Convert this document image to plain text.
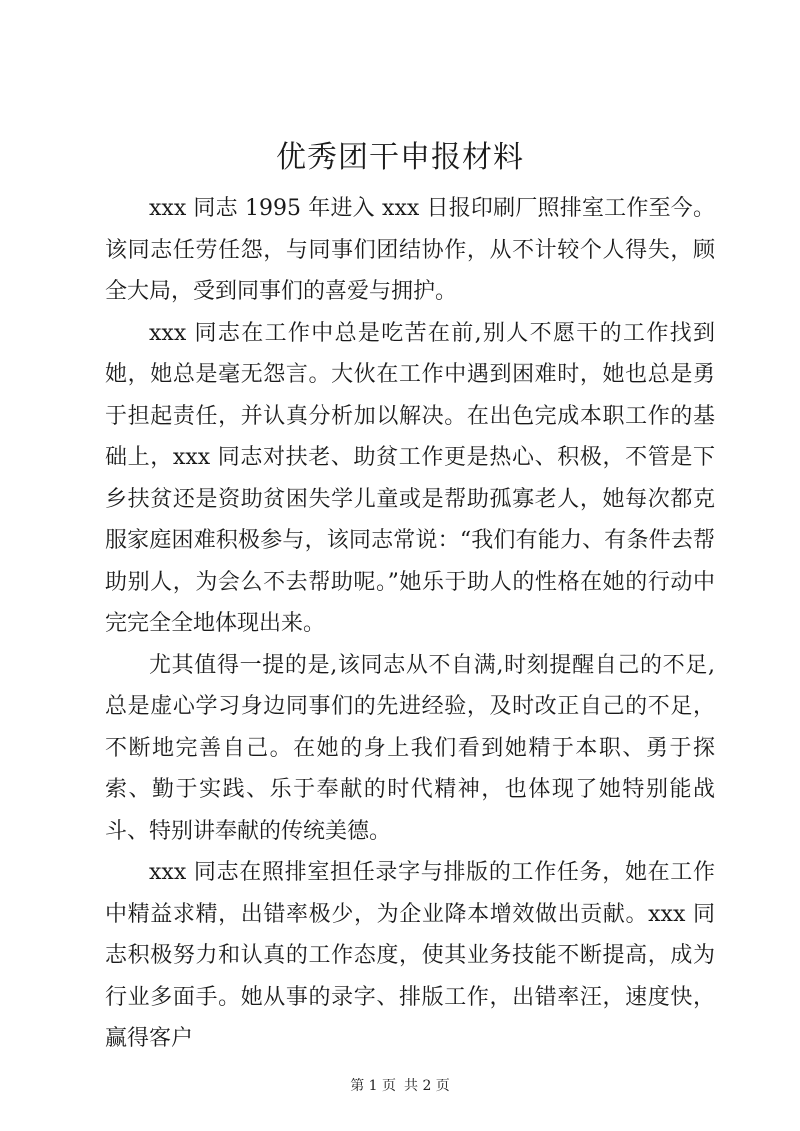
优秀团干申报材料

xxx 同志 1995 年进入 xxx 日报印刷厂照排室工作至今。该同志任劳任怨，与同事们团结协作，从不计较个人得失，顾全大局，受到同事们的喜爱与拥护。

xxx 同志在工作中总是吃苦在前,别人不愿干的工作找到她，她总是毫无怨言。大伙在工作中遇到困难时，她也总是勇于担起责任，并认真分析加以解决。在出色完成本职工作的基础上，xxx 同志对扶老、助贫工作更是热心、积极，不管是下乡扶贫还是资助贫困失学儿童或是帮助孤寡老人，她每次都克服家庭困难积极参与，该同志常说：“我们有能力、有条件去帮助别人，为会么不去帮助呢。”她乐于助人的性格在她的行动中完完全全地体现出来。

尤其值得一提的是,该同志从不自满,时刻提醒自己的不足,总是虚心学习身边同事们的先进经验，及时改正自己的不足，不断地完善自己。在她的身上我们看到她精于本职、勇于探索、勤于实践、乐于奉献的时代精神，也体现了她特别能战斗、特别讲奉献的传统美德。

xxx 同志在照排室担任录字与排版的工作任务，她在工作中精益求精，出错率极少，为企业降本增效做出贡献。xxx 同志积极努力和认真的工作态度，使其业务技能不断提高，成为行业多面手。她从事的录字、排版工作，出错率汪，速度快，赢得客户

第 1 页 共 2 页
